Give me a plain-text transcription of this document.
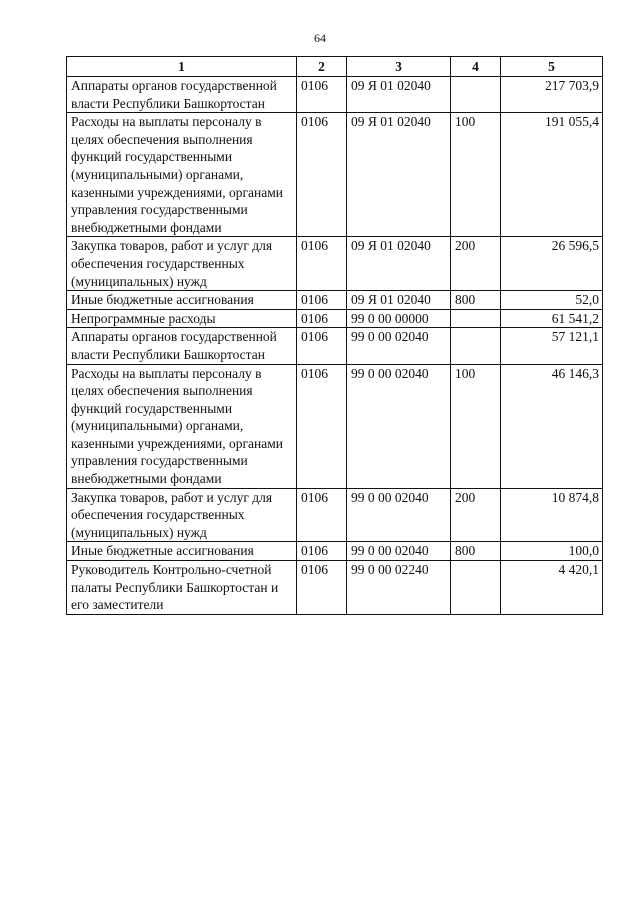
64
1	2	3	4	5
Аппараты органов государственной власти Республики Башкортостан	0106	09 Я 01 02040		217 703,9
Расходы на выплаты персоналу в целях обеспечения выполнения функций государственными (муниципальными) органами, казенными учреждениями, органами управления государственными внебюджетными фондами	0106	09 Я 01 02040	100	191 055,4
Закупка товаров, работ и услуг для обеспечения государственных (муниципальных) нужд	0106	09 Я 01 02040	200	26 596,5
Иные бюджетные ассигнования	0106	09 Я 01 02040	800	52,0
Непрограммные расходы	0106	99 0 00 00000		61 541,2
Аппараты органов государственной власти Республики Башкортостан	0106	99 0 00 02040		57 121,1
Расходы на выплаты персоналу в целях обеспечения выполнения функций государственными (муниципальными) органами, казенными учреждениями, органами управления государственными внебюджетными фондами	0106	99 0 00 02040	100	46 146,3
Закупка товаров, работ и услуг для обеспечения государственных (муниципальных) нужд	0106	99 0 00 02040	200	10 874,8
Иные бюджетные ассигнования	0106	99 0 00 02040	800	100,0
Руководитель Контрольно-счетной палаты Республики Башкортостан и его заместители	0106	99 0 00 02240		4 420,1
